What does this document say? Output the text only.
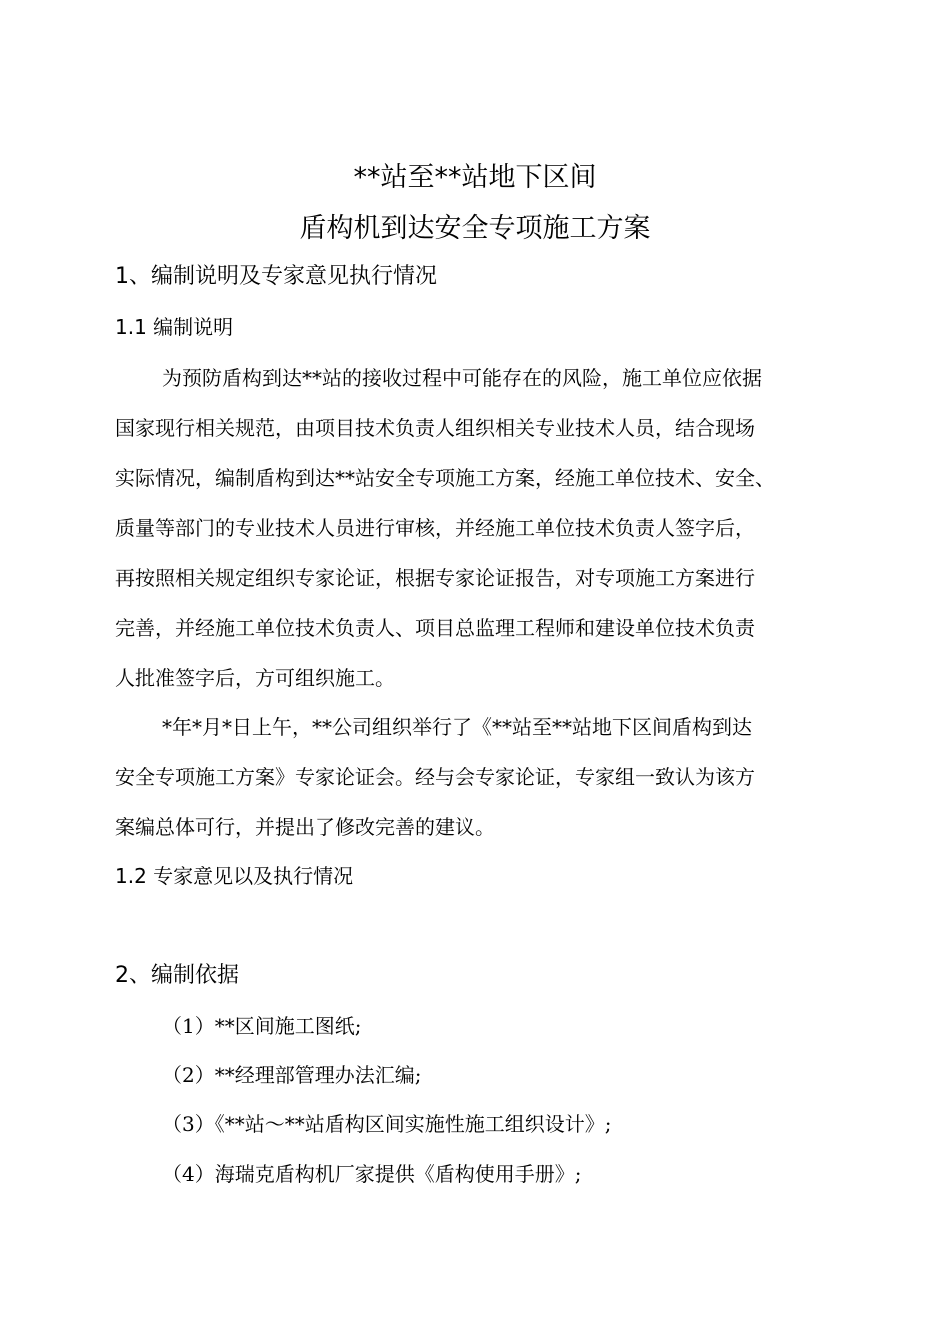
**站至**站地下区间
盾构机到达安全专项施工方案
1、编制说明及专家意见执行情况
1.1 编制说明
为预防盾构到达**站的接收过程中可能存在的风险，施工单位应依据
国家现行相关规范，由项目技术负责人组织相关专业技术人员，结合现场
实际情况，编制盾构到达**站安全专项施工方案，经施工单位技术、安全、
质量等部门的专业技术人员进行审核，并经施工单位技术负责人签字后，
再按照相关规定组织专家论证，根据专家论证报告，对专项施工方案进行
完善，并经施工单位技术负责人、项目总监理工程师和建设单位技术负责
人批准签字后，方可组织施工。
*年*月*日上午，**公司组织举行了《**站至**站地下区间盾构到达
安全专项施工方案》专家论证会。经与会专家论证，专家组一致认为该方
案编总体可行，并提出了修改完善的建议。
1.2 专家意见以及执行情况
2、编制依据
（1）**区间施工图纸;
（2）**经理部管理办法汇编;
（3）《**站～**站盾构区间实施性施工组织设计》;
（4）海瑞克盾构机厂家提供《盾构使用手册》;
